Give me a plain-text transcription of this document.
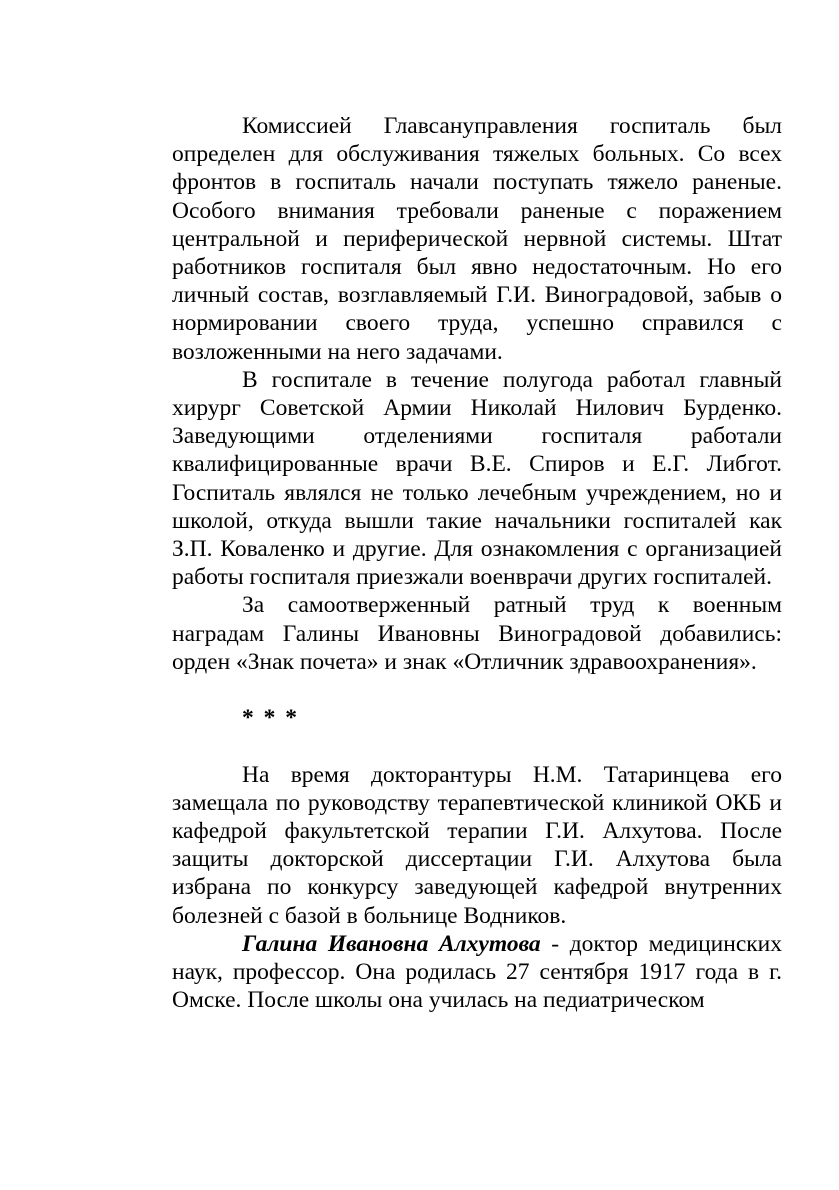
Комиссией Главсануправления госпиталь был определен для обслуживания тяжелых больных. Со всех фронтов в госпиталь начали поступать тяжело раненые. Особого внимания требовали раненые с поражением центральной и периферической нервной системы. Штат работников госпиталя был явно недостаточным. Но его личный состав, возглавляемый Г.И. Виноградовой, забыв о нормировании своего труда, успешно справился с возложенными на него задачами.

В госпитале в течение полугода работал главный хирург Советской Армии Николай Нилович Бурденко. Заведующими отделениями госпиталя работали квалифицированные врачи В.Е. Спиров и Е.Г. Либгот. Госпиталь являлся не только лечебным учреждением, но и школой, откуда вышли такие начальники госпиталей как З.П. Коваленко и другие. Для ознакомления с организацией работы госпиталя приезжали военврачи других госпиталей.

За самоотверженный ратный труд к военным наградам Галины Ивановны Виноградовой добавились: орден «Знак почета» и знак «Отличник здравоохранения».

* * *

На время докторантуры Н.М. Татаринцева его замещала по руководству терапевтической клиникой ОКБ и кафедрой факультетской терапии Г.И. Алхутова. После защиты докторской диссертации Г.И. Алхутова была избрана по конкурсу заведующей кафедрой внутренних болезней с базой в больнице Водников.

Галина Ивановна Алхутова - доктор медицинских наук, профессор. Она родилась 27 сентября 1917 года в г. Омске. После школы она училась на педиатрическом
